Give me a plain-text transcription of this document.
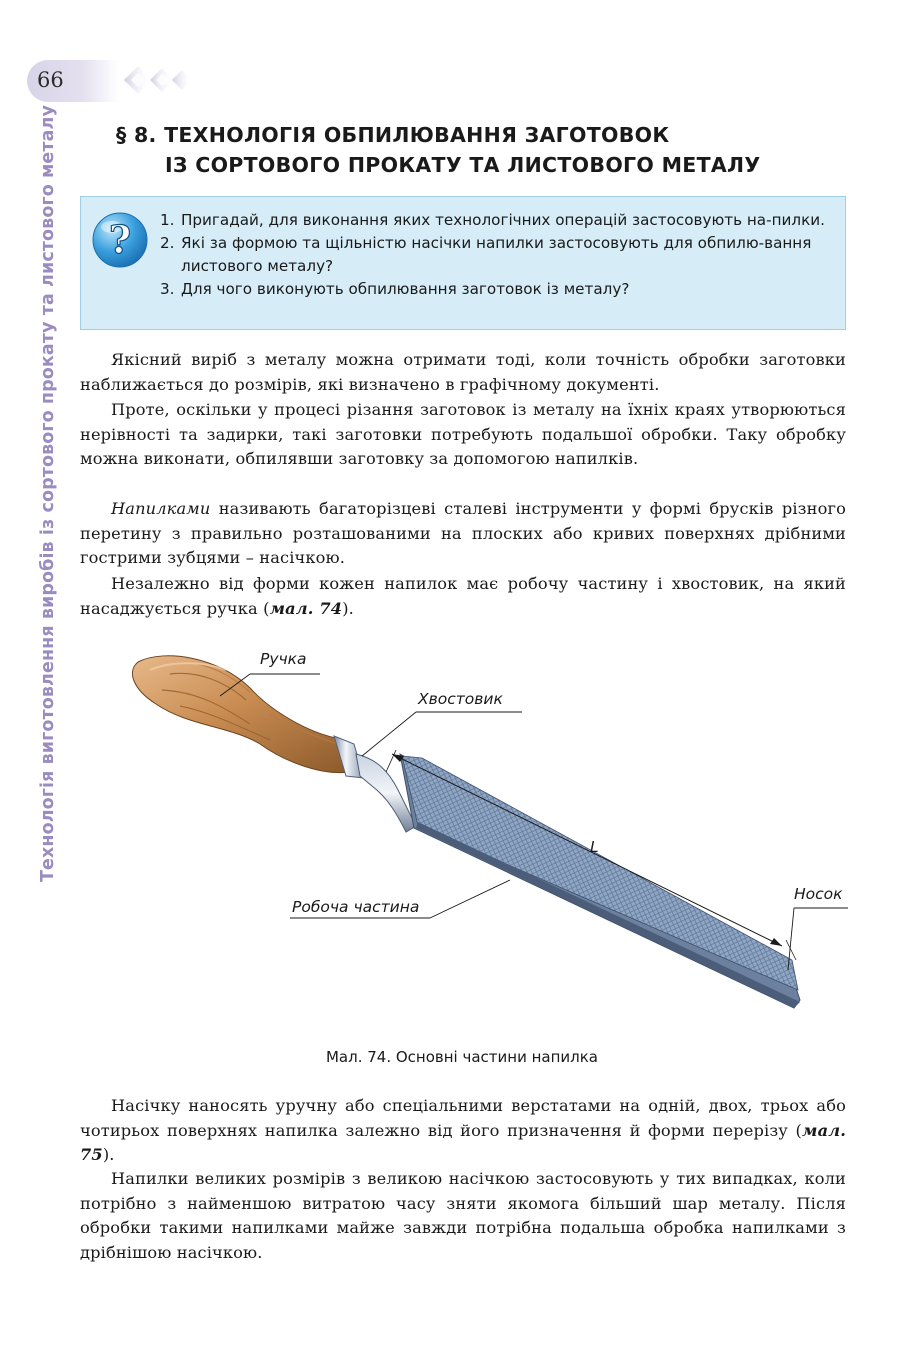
66
Технологія виготовлення виробів із сортового прокату та листового металу	§ 8. ТЕХНОЛОГІЯ ОБПИЛЮВАННЯ ЗАГОТОВОК
ІЗ СОРТОВОГО ПРОКАТУ ТА ЛИСТОВОГО МЕТАЛУ
? 1. Пригадай, для виконання яких технологічних операцій застосовують на-пилки.
2. Які за формою та щільністю насічки напилки застосовують для обпилю-вання листового металу?
3. Для чого виконують обпилювання заготовок із металу?

Якісний виріб з металу можна отримати тоді, коли точність обробки заготовки наближається до розмірів, які визначено в графічному документі.

Проте, оскільки у процесі різання заготовок із металу на їхніх краях утворюються нерівності та задирки, такі заготовки потребують подальшої обробки. Таку обробку можна виконати, обпилявши заготовку за допомогою напилків.

Напилками називають багаторізцеві сталеві інструменти у формі брусків різного перетину з правильно розташованими на плоских або кривих поверхнях дрібними гострими зубцями – насічкою.

Незалежно від форми кожен напилок має робочу частину і хвостовик, на який насаджується ручка (мал. 74).

Ручка
Хвостовик
L
Носок
Робоча частина
Мал. 74. Основні частини напилка

Насічку наносять уручну або спеціальними верстатами на одній, двох, трьох або чотирьох поверхнях напилка залежно від його призначення й форми перерізу (мал. 75).

Напилки великих розмірів з великою насічкою застосовують у тих випадках, коли потрібно з найменшою витратою часу зняти якомога більший шар металу. Після обробки такими напилками майже завжди потрібна подальша обробка напилками з дрібнішою насічкою.
